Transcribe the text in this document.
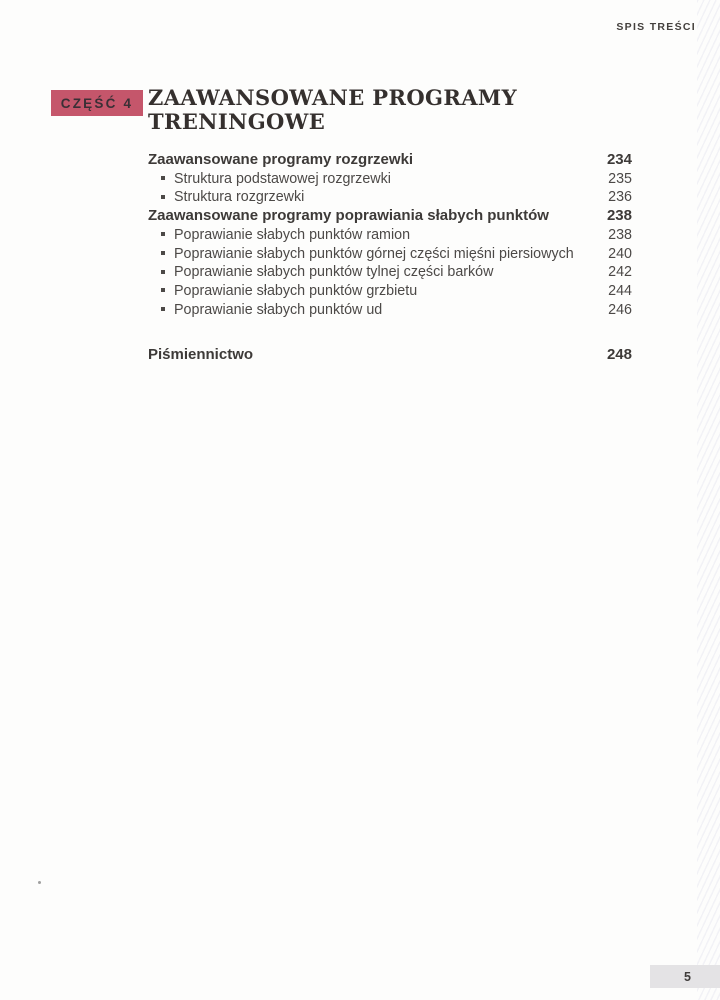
SPIS TREŚCI
CZĘŚĆ 4 ZAAWANSOWANE PROGRAMY
TRENINGOWE
Zaawansowane programy rozgrzewki	234
Struktura podstawowej rozgrzewki	235
Struktura rozgrzewki	236
Zaawansowane programy poprawiania słabych punktów	238
Poprawianie słabych punktów ramion	238
Poprawianie słabych punktów górnej części mięśni piersiowych	240
Poprawianie słabych punktów tylnej części barków	242
Poprawianie słabych punktów grzbietu	244
Poprawianie słabych punktów ud	246
Piśmiennictwo	248
5
